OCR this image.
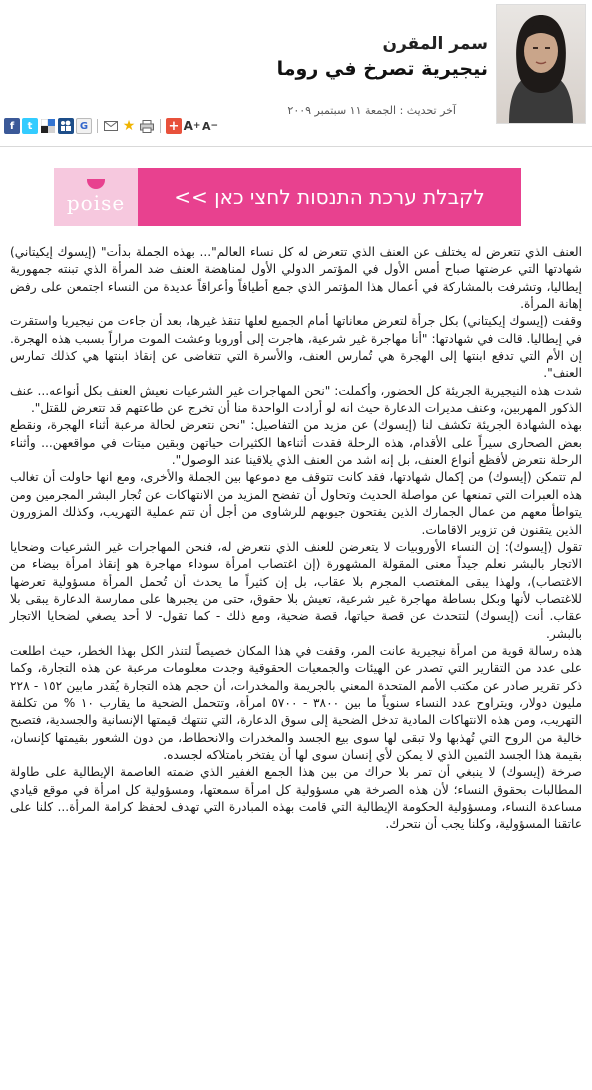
سمر المقرن
نيجيرية تصرخ في روما
آخر تحديث : الجمعة ١١ سبتمبر ٢٠٠٩
f	t	G ★	+ A + A −
poise	לקבלת ערכת התנסות לחצי כאן >>

العنف الذي تتعرض له يختلف عن العنف الذي تتعرض له كل نساء العالم"... بهذه الجملة بدأت" (إيسوك إيكيتاني) شهادتها التي عرضتها صباح أمس الأول في المؤتمر الدولي الأول لمناهضة العنف ضد المرأة الذي تبنته جمهورية إيطاليا، وتشرفت بالمشاركة في أعمال هذا المؤتمر الذي جمع أطيافاً وأعراقاً عديدة من النساء اجتمعن على رفض إهانة المرأة.

وقفت (إيسوك إيكيتاني) بكل جرأة لتعرض معاناتها أمام الجميع لعلها تنقذ غيرها، بعد أن جاءت من نيجيريا واستقرت في إيطاليا. قالت في شهادتها: "أنا مهاجرة غير شرعية، هاجرت إلى أوروبا وعشت الموت مراراً بسبب هذه الهجرة. إن الأم التي تدفع ابنتها إلى الهجرة هي تُمارس العنف، والأسرة التي تتغاضى عن إنقاذ ابنتها هي كذلك تمارس العنف".

شدت هذه النيجيرية الجريئة كل الحضور، وأكملت: "نحن المهاجرات غير الشرعيات نعيش العنف بكل أنواعه... عنف الذكور المهربين، وعنف مديرات الدعارة حيث انه لو أرادت الواحدة منا أن تخرج عن طاعتهم قد تتعرض للقتل".

بهذه الشهادة الجريئة تكشف لنا (إيسوك) عن مزيد من التفاصيل: "نحن نتعرض لحالة مرعبة أثناء الهجرة، ونقطع بعض الصحارى سيراً على الأقدام، هذه الرحلة فقدت أثناءها الكثيرات حياتهن وبقين ميتات في مواقعهن... وأثناء الرحلة نتعرض لأفظع أنواع العنف، بل إنه اشد من العنف الذي يلاقينا عند الوصول".

لم تتمكن (إيسوك) من إكمال شهادتها، فقد كانت تتوقف مع دموعها بين الجملة والأخرى، ومع انها حاولت أن تغالب هذه العبرات التي تمنعها عن مواصلة الحديث وتحاول أن تفضح المزيد من الانتهاكات عن تُجار البشر المجرمين ومن يتواطأ معهم من عمال الجمارك الذين يفتحون جيوبهم للرشاوى من أجل أن تتم عملية التهريب، وكذلك المزورون الذين يتقنون فن تزوير الاقامات.

تقول (إيسوك): إن النساء الأوروبيات لا يتعرضن للعنف الذي نتعرض له، فنحن المهاجرات غير الشرعيات وضحايا الاتجار بالبشر نعلم جيداً معنى المقولة المشهورة (إن اغتصاب امرأة سوداء مهاجرة هو إنقاذ امرأة بيضاء من الاغتصاب)، ولهذا يبقى المغتصب المجرم بلا عقاب، بل إن كثيراً ما يحدث أن تُحمل المرأة مسؤولية تعرضها للاغتصاب لأنها وبكل بساطة مهاجرة غير شرعية، تعيش بلا حقوق، حتى من يجبرها على ممارسة الدعارة يبقى بلا عقاب. أنت (إيسوك) لتتحدث عن قصة حياتها، قصة ضحية، ومع ذلك - كما تقول- لا أحد يصغي لضحايا الاتجار بالبشر.

هذه رسالة قوية من امرأة نيجيرية عانت المر، وقفت في هذا المكان خصيصاً لتنذر الكل بهذا الخطر، حيث اطلعت على عدد من التقارير التي تصدر عن الهيئات والجمعيات الحقوقية وجدت معلومات مرعبة عن هذه التجارة، وكما ذكر تقرير صادر عن مكتب الأمم المتحدة المعني بالجريمة والمخدرات، أن حجم هذه التجارة يُقدر مابين ١٥٢ - ٢٢٨ مليون دولار، ويتراوح عدد النساء سنوياً ما بين ٣٨٠٠ - ٥٧٠٠ امرأة، وتتحمل الضحية ما يقارب ١٠ % من تكلفة التهريب، ومن هذه الانتهاكات المادية تدخل الضحية إلى سوق الدعارة، التي تنتهك قيمتها الإنسانية والجسدية، فتصبح خالية من الروح التي تُهذبها ولا تبقى لها سوى بيع الجسد والمخدرات والانحطاط، من دون الشعور بقيمتها كإنسان، بقيمة هذا الجسد الثمين الذي لا يمكن لأي إنسان سوى لها أن يفتخر بامتلاكه لجسده.

صرخة (إيسوك) لا ينبغي أن تمر بلا حراك من بين هذا الجمع الغفير الذي ضمته العاصمة الإيطالية على طاولة المطالبات بحقوق النساء؛ لأن هذه الصرخة هي مسؤولية كل امرأة سمعتها، ومسؤولية كل امرأة في موقع قيادي مساعدة النساء، ومسؤولية الحكومة الإيطالية التي قامت بهذه المبادرة التي تهدف لحفظ كرامة المرأة... كلنا على عاتقنا المسؤولية، وكلنا يجب أن نتحرك.
